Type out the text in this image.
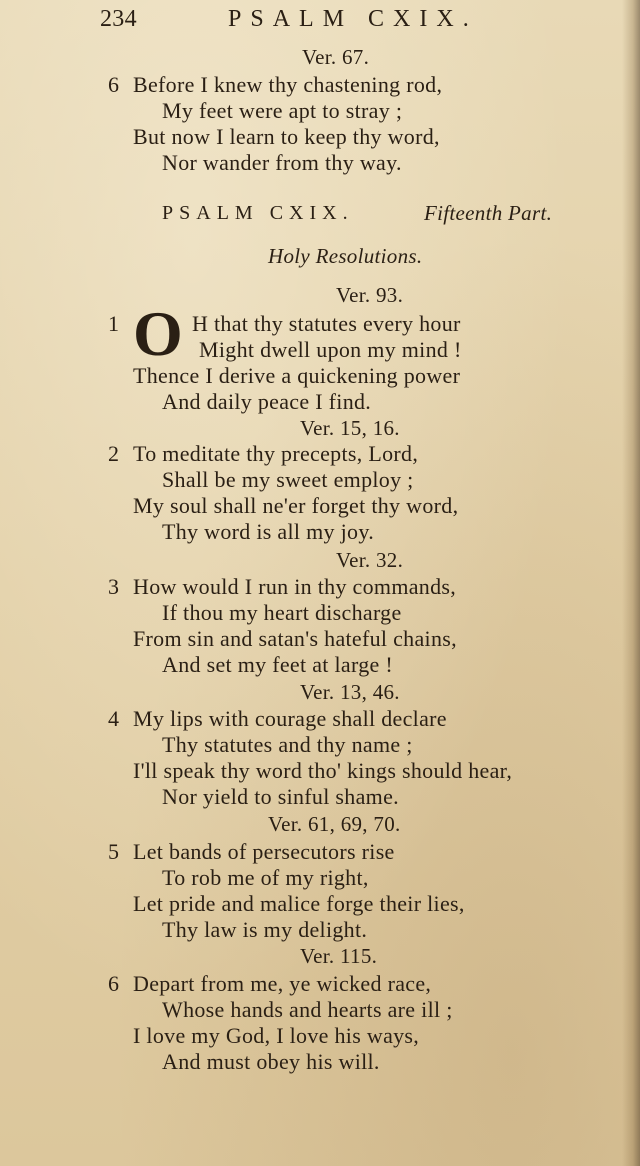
234	PSALM CXIX.
Ver. 67.
6 Before I knew thy chastening rod,
My feet were apt to stray ;
But now I learn to keep thy word,
Nor wander from thy way.
PSALM CXIX.	Fifteenth Part.
Holy Resolutions.
Ver. 93.
1 O H that thy statutes every hour
Might dwell upon my mind !
Thence I derive a quickening power
And daily peace I find.
Ver. 15, 16.
2 To meditate thy precepts, Lord,
Shall be my sweet employ ;
My soul shall ne'er forget thy word,
Thy word is all my joy.
Ver. 32.
3 How would I run in thy commands,
If thou my heart discharge
From sin and satan's hateful chains,
And set my feet at large !
Ver. 13, 46.
4 My lips with courage shall declare
Thy statutes and thy name ;
I'll speak thy word tho' kings should hear,
Nor yield to sinful shame.
Ver. 61, 69, 70.
5 Let bands of persecutors rise
To rob me of my right,
Let pride and malice forge their lies,
Thy law is my delight.
Ver. 115.
6 Depart from me, ye wicked race,
Whose hands and hearts are ill ;
I love my God, I love his ways,
And must obey his will.
